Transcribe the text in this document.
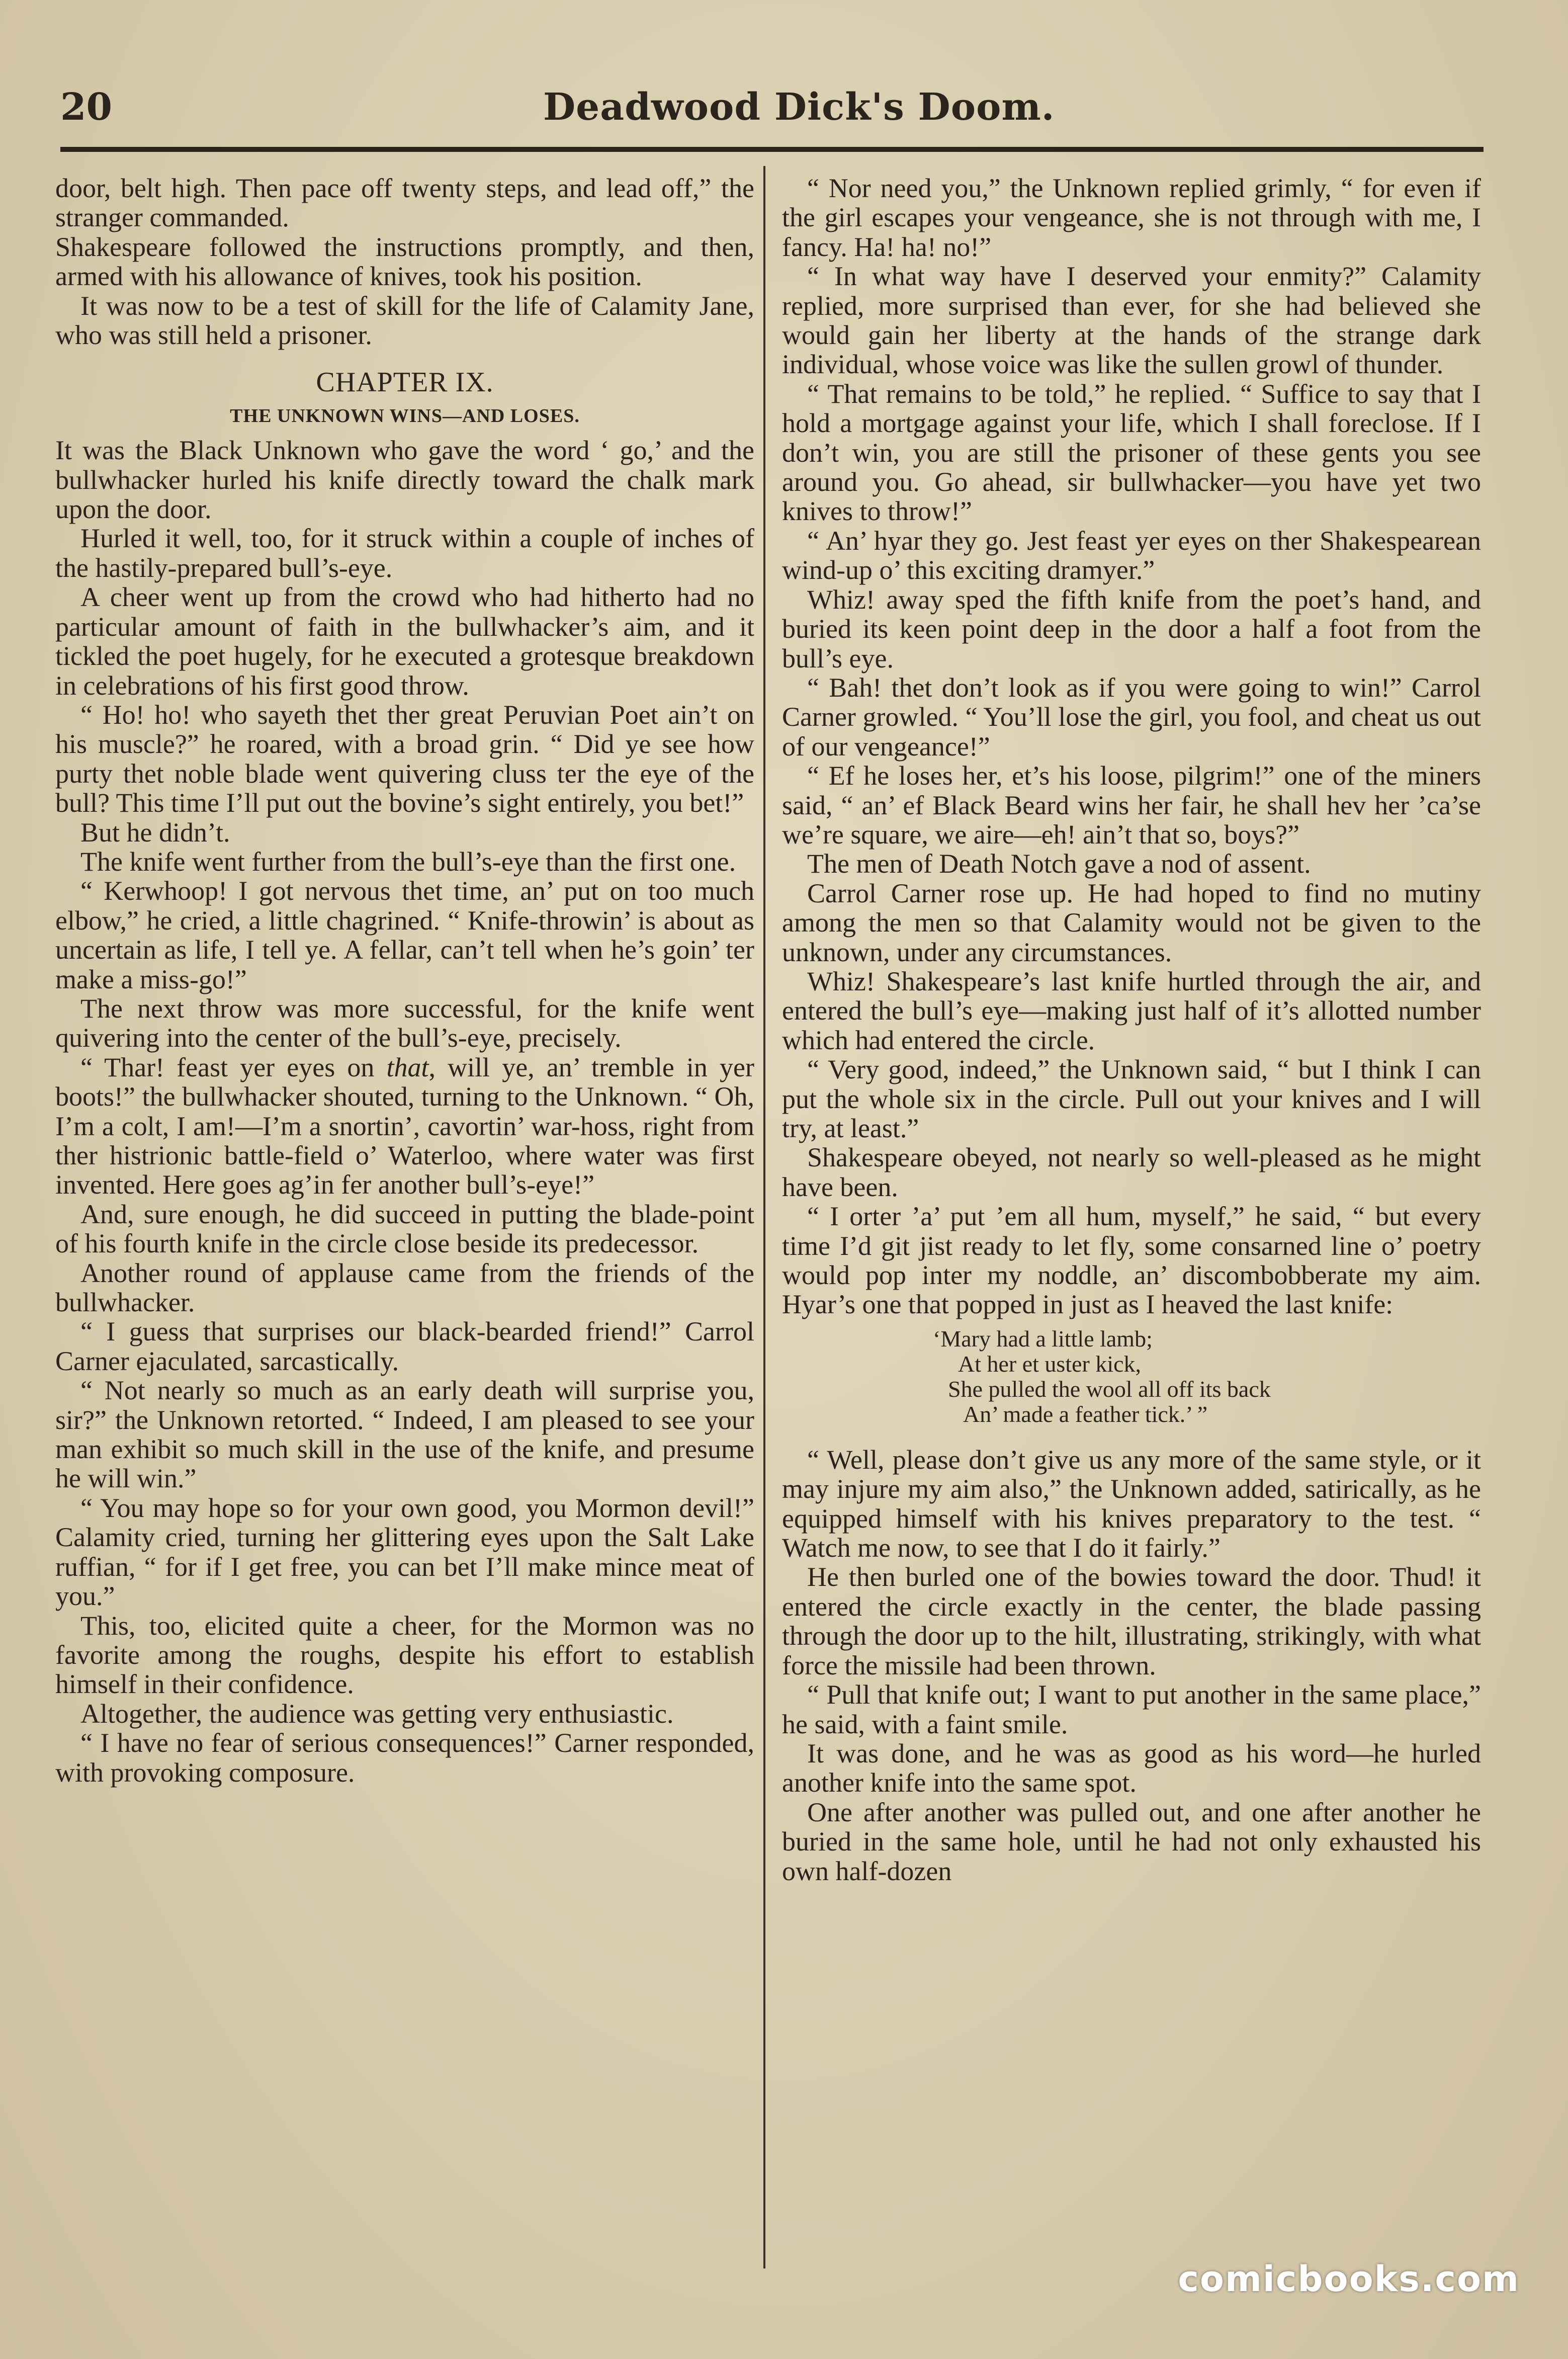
20	Deadwood Dick's Doom.

door, belt high. Then pace off twenty steps, and lead off,” the stranger commanded.

Shakespeare followed the instructions promptly, and then, armed with his allowance of knives, took his position.

It was now to be a test of skill for the life of Calamity Jane, who was still held a prisoner.

CHAPTER IX.
THE UNKNOWN WINS—AND LOSES.

It was the Black Unknown who gave the word ‘ go,’ and the bullwhacker hurled his knife directly toward the chalk mark upon the door.

Hurled it well, too, for it struck within a couple of inches of the hastily-prepared bull’s-eye.

A cheer went up from the crowd who had hitherto had no particular amount of faith in the bullwhacker’s aim, and it tickled the poet hugely, for he executed a grotesque breakdown in celebrations of his first good throw.

“ Ho! ho! who sayeth thet ther great Peruvian Poet ain’t on his muscle?” he roared, with a broad grin. “ Did ye see how purty thet noble blade went quivering cluss ter the eye of the bull? This time I’ll put out the bovine’s sight entirely, you bet!”

But he didn’t.

The knife went further from the bull’s-eye than the first one.

“ Kerwhoop! I got nervous thet time, an’ put on too much elbow,” he cried, a little chagrined. “ Knife-throwin’ is about as uncertain as life, I tell ye. A fellar, can’t tell when he’s goin’ ter make a miss-go!”

The next throw was more successful, for the knife went quivering into the center of the bull’s-eye, precisely.

“ Thar! feast yer eyes on that, will ye, an’ tremble in yer boots!” the bullwhacker shouted, turning to the Unknown. “ Oh, I’m a colt, I am!—I’m a snortin’, cavortin’ war-hoss, right from ther histrionic battle-field o’ Waterloo, where water was first invented. Here goes ag’in fer another bull’s-eye!”

And, sure enough, he did succeed in putting the blade-point of his fourth knife in the circle close beside its predecessor.

Another round of applause came from the friends of the bullwhacker.

“ I guess that surprises our black-bearded friend!” Carrol Carner ejaculated, sarcastically.

“ Not nearly so much as an early death will surprise you, sir?” the Unknown retorted. “ Indeed, I am pleased to see your man exhibit so much skill in the use of the knife, and presume he will win.”

“ You may hope so for your own good, you Mormon devil!” Calamity cried, turning her glittering eyes upon the Salt Lake ruffian, “ for if I get free, you can bet I’ll make mince meat of you.”

This, too, elicited quite a cheer, for the Mormon was no favorite among the roughs, despite his effort to establish himself in their confidence.

Altogether, the audience was getting very enthusiastic.

“ I have no fear of serious consequences!” Carner responded, with provoking composure.

“ Nor need you,” the Unknown replied grimly, “ for even if the girl escapes your vengeance, she is not through with me, I fancy. Ha! ha! no!”

“ In what way have I deserved your enmity?” Calamity replied, more surprised than ever, for she had believed she would gain her liberty at the hands of the strange dark individual, whose voice was like the sullen growl of thunder.

“ That remains to be told,” he replied. “ Suffice to say that I hold a mortgage against your life, which I shall foreclose. If I don’t win, you are still the prisoner of these gents you see around you. Go ahead, sir bullwhacker—you have yet two knives to throw!”

“ An’ hyar they go. Jest feast yer eyes on ther Shakespearean wind-up o’ this exciting dramyer.”

Whiz! away sped the fifth knife from the poet’s hand, and buried its keen point deep in the door a half a foot from the bull’s eye.

“ Bah! thet don’t look as if you were going to win!” Carrol Carner growled. “ You’ll lose the girl, you fool, and cheat us out of our vengeance!”

“ Ef he loses her, et’s his loose, pilgrim!” one of the miners said, “ an’ ef Black Beard wins her fair, he shall hev her ’ca’se we’re square, we aire—eh! ain’t that so, boys?”

The men of Death Notch gave a nod of assent.

Carrol Carner rose up. He had hoped to find no mutiny among the men so that Calamity would not be given to the unknown, under any circumstances.

Whiz! Shakespeare’s last knife hurtled through the air, and entered the bull’s eye—making just half of it’s allotted number which had entered the circle.

“ Very good, indeed,” the Unknown said, “ but I think I can put the whole six in the circle. Pull out your knives and I will try, at least.”

Shakespeare obeyed, not nearly so well-pleased as he might have been.

“ I orter ’a’ put ’em all hum, myself,” he said, “ but every time I’d git jist ready to let fly, some consarned line o’ poetry would pop inter my noddle, an’ discombobberate my aim. Hyar’s one that popped in just as I heaved the last knife:

‘Mary had a little lamb;
At her et uster kick,
She pulled the wool all off its back
An’ made a feather tick.’ ”

“ Well, please don’t give us any more of the same style, or it may injure my aim also,” the Unknown added, satirically, as he equipped himself with his knives preparatory to the test. “ Watch me now, to see that I do it fairly.”

He then burled one of the bowies toward the door. Thud! it entered the circle exactly in the center, the blade passing through the door up to the hilt, illustrating, strikingly, with what force the missile had been thrown.

“ Pull that knife out; I want to put another in the same place,” he said, with a faint smile.

It was done, and he was as good as his word—he hurled another knife into the same spot.

One after another was pulled out, and one after another he buried in the same hole, until he had not only exhausted his own half-dozen

comicbooks.com
